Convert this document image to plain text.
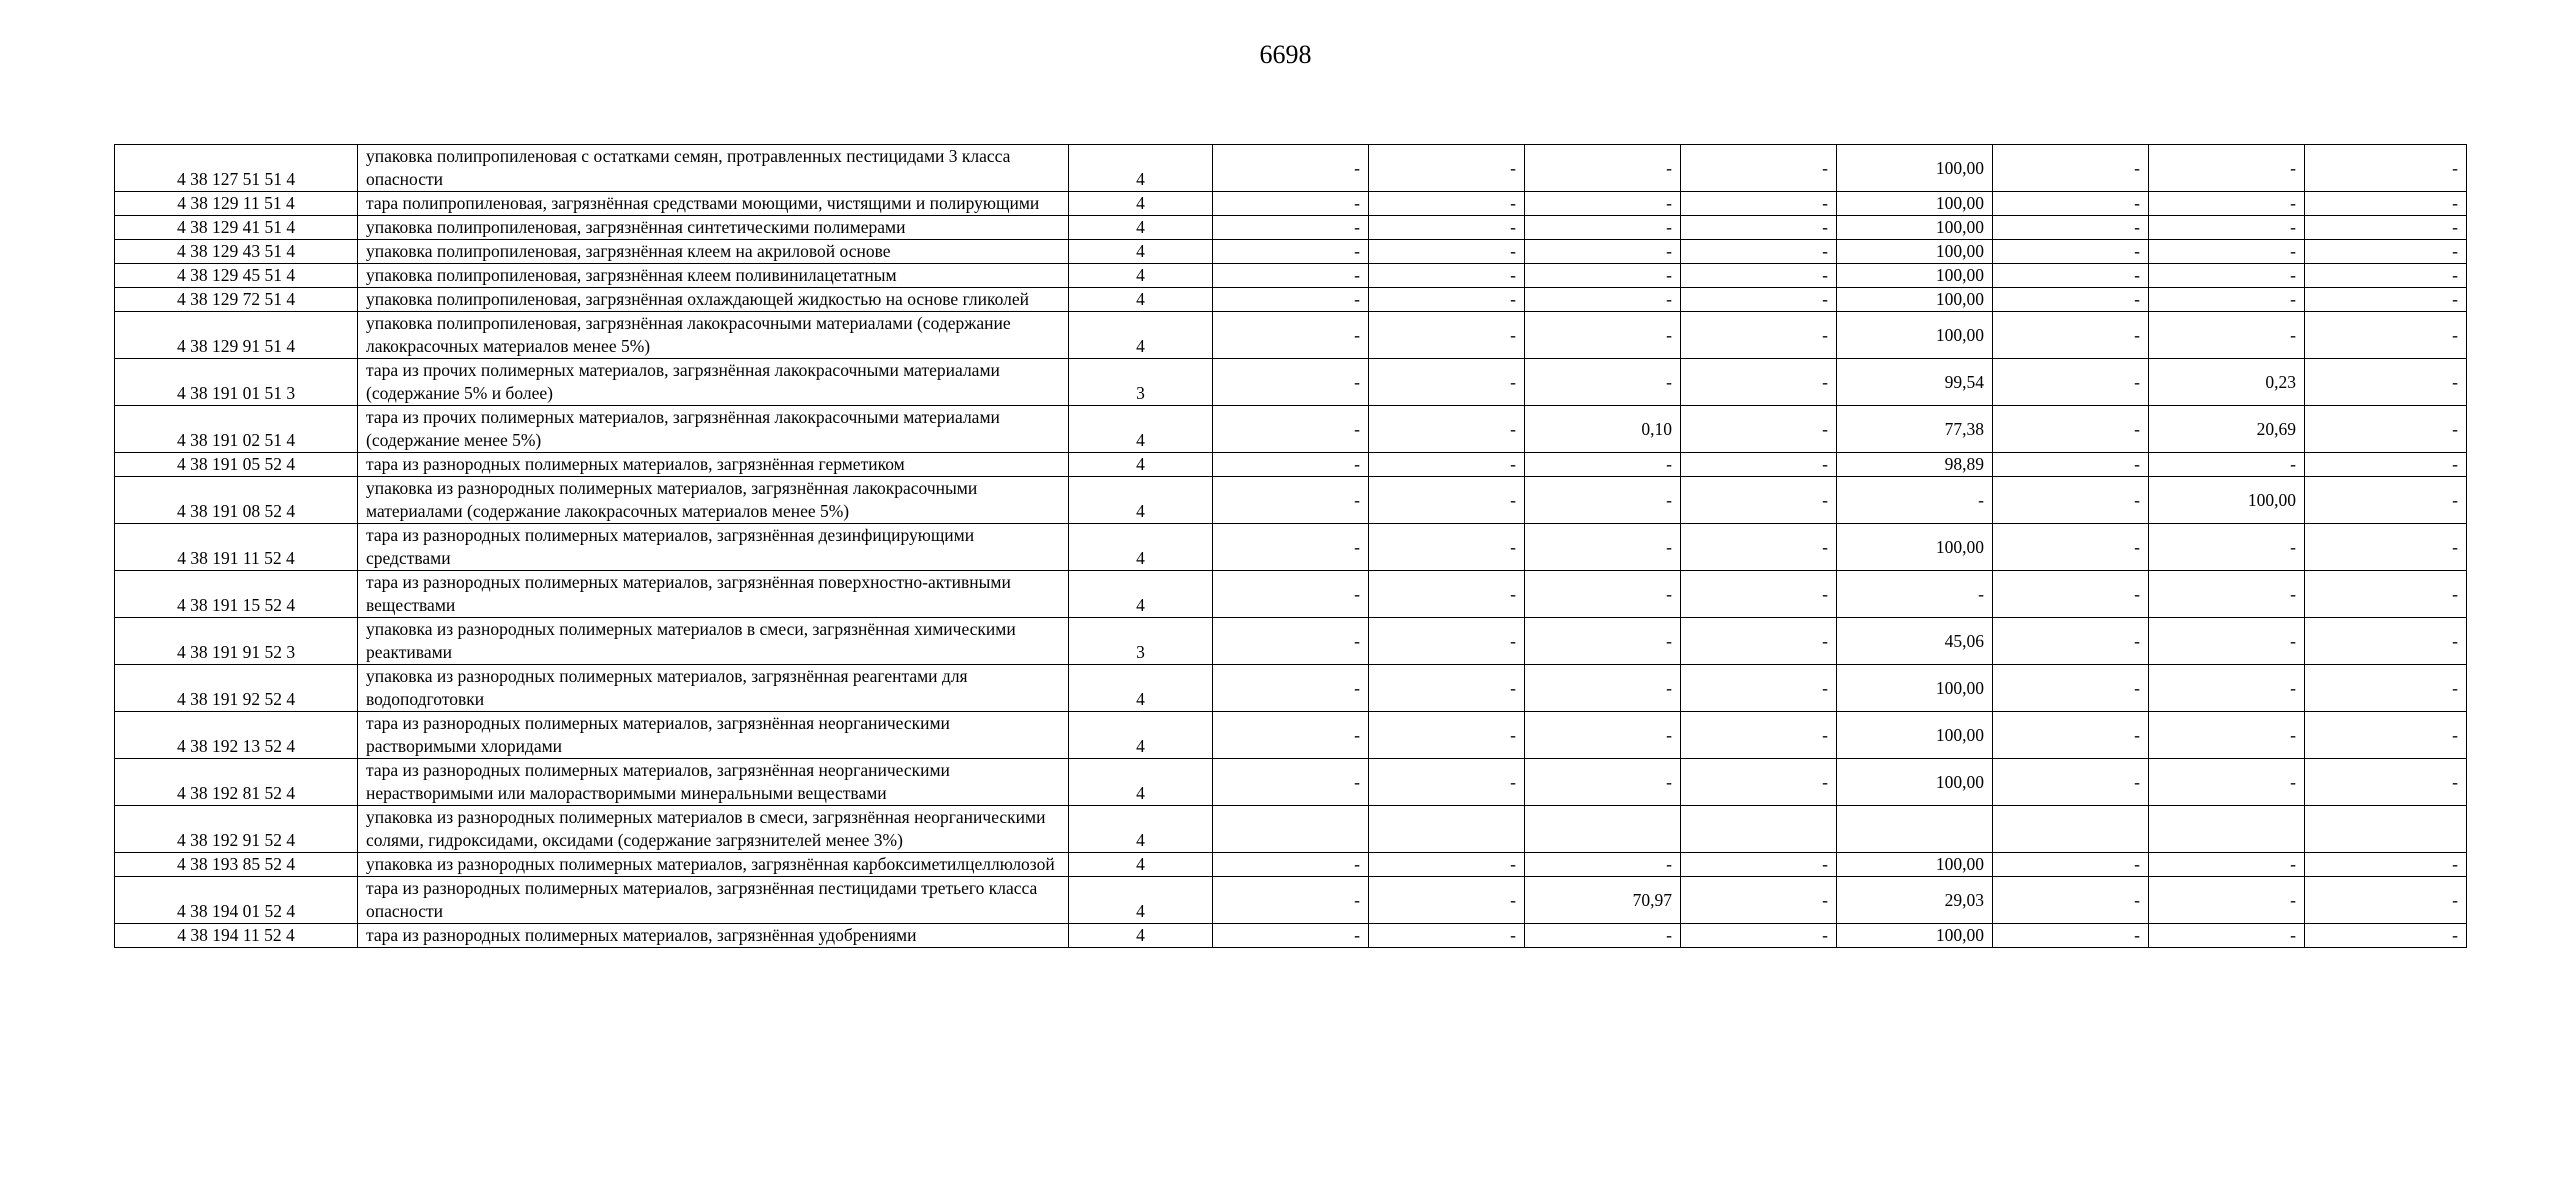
6698
4 38 127 51 51 4	упаковка полипропиленовая с остатками семян, протравленных пестицидами 3 класса опасности	4	-	-	-	-	100,00	-	-	-
4 38 129 11 51 4	тара полипропиленовая, загрязнённая средствами моющими, чистящими и полирующими	4	-	-	-	-	100,00	-	-	-
4 38 129 41 51 4	упаковка полипропиленовая, загрязнённая синтетическими полимерами	4	-	-	-	-	100,00	-	-	-
4 38 129 43 51 4	упаковка полипропиленовая, загрязнённая клеем на акриловой основе	4	-	-	-	-	100,00	-	-	-
4 38 129 45 51 4	упаковка полипропиленовая, загрязнённая клеем поливинилацетатным	4	-	-	-	-	100,00	-	-	-
4 38 129 72 51 4	упаковка полипропиленовая, загрязнённая охлаждающей жидкостью на основе гликолей	4	-	-	-	-	100,00	-	-	-
4 38 129 91 51 4	упаковка полипропиленовая, загрязнённая лакокрасочными материалами (содержание лакокрасочных материалов менее 5%)	4	-	-	-	-	100,00	-	-	-
4 38 191 01 51 3	тара из прочих полимерных материалов, загрязнённая лакокрасочными материалами (содержание 5% и более)	3	-	-	-	-	99,54	-	0,23	-
4 38 191 02 51 4	тара из прочих полимерных материалов, загрязнённая лакокрасочными материалами (содержание менее 5%)	4	-	-	0,10	-	77,38	-	20,69	-
4 38 191 05 52 4	тара из разнородных полимерных материалов, загрязнённая герметиком	4	-	-	-	-	98,89	-	-	-
4 38 191 08 52 4	упаковка из разнородных полимерных материалов, загрязнённая лакокрасочными материалами (содержание лакокрасочных материалов менее 5%)	4	-	-	-	-	-	-	100,00	-
4 38 191 11 52 4	тара из разнородных полимерных материалов, загрязнённая дезинфицирующими средствами	4	-	-	-	-	100,00	-	-	-
4 38 191 15 52 4	тара из разнородных полимерных материалов, загрязнённая поверхностно-активными веществами	4	-	-	-	-	-	-	-	-
4 38 191 91 52 3	упаковка из разнородных полимерных материалов в смеси, загрязнённая химическими реактивами	3	-	-	-	-	45,06	-	-	-
4 38 191 92 52 4	упаковка из разнородных полимерных материалов, загрязнённая реагентами для водоподготовки	4	-	-	-	-	100,00	-	-	-
4 38 192 13 52 4	тара из разнородных полимерных материалов, загрязнённая неорганическими растворимыми хлоридами	4	-	-	-	-	100,00	-	-	-
4 38 192 81 52 4	тара из разнородных полимерных материалов, загрязнённая неорганическими нерастворимыми или малорастворимыми минеральными веществами	4	-	-	-	-	100,00	-	-	-
4 38 192 91 52 4	упаковка из разнородных полимерных материалов в смеси, загрязнённая неорганическими солями, гидроксидами, оксидами (содержание загрязнителей менее 3%)	4								
4 38 193 85 52 4	упаковка из разнородных полимерных материалов, загрязнённая карбоксиметилцеллюлозой	4	-	-	-	-	100,00	-	-	-
4 38 194 01 52 4	тара из разнородных полимерных материалов, загрязнённая пестицидами третьего класса опасности	4	-	-	70,97	-	29,03	-	-	-
4 38 194 11 52 4	тара из разнородных полимерных материалов, загрязнённая удобрениями	4	-	-	-	-	100,00	-	-	-
